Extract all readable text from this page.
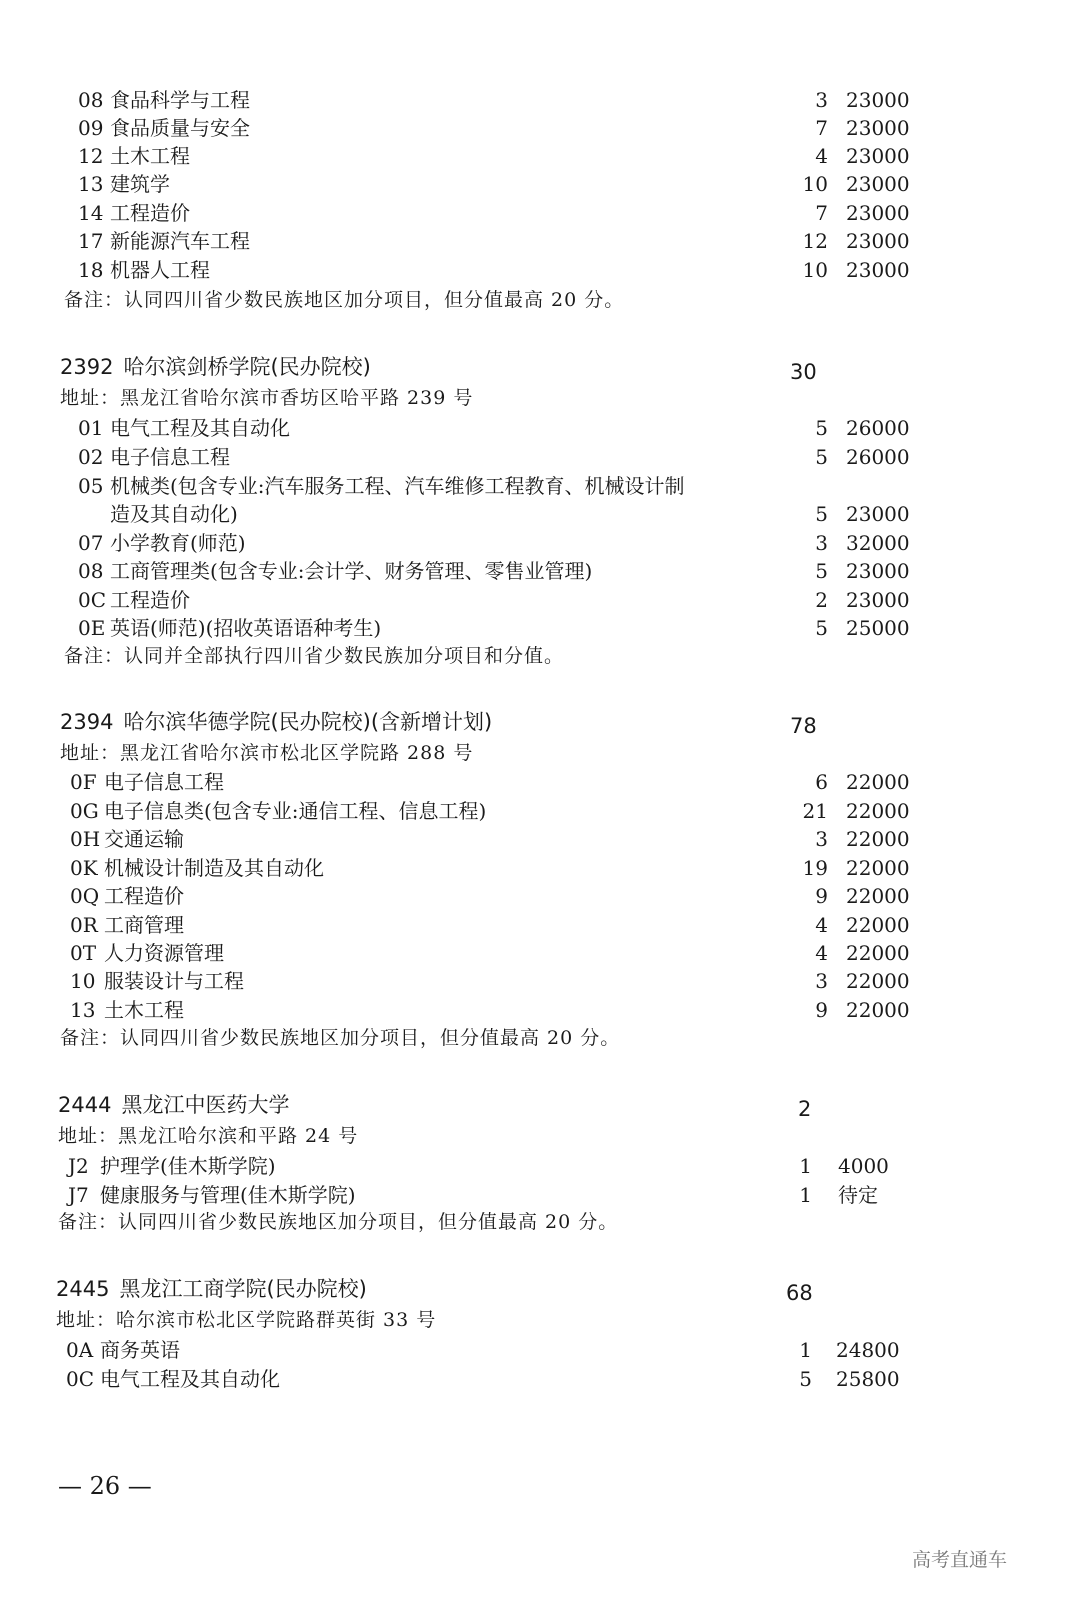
08 食品科学与工程	3 23000
09 食品质量与安全	7 23000
12 土木工程	4 23000
13 建筑学	10 23000
14 工程造价	7 23000
17 新能源汽车工程	12 23000
18 机器人工程	10 23000
备注：认同四川省少数民族地区加分项目，但分值最高 20 分。
2392 哈尔滨剑桥学院(民办院校)	30
地址：黑龙江省哈尔滨市香坊区哈平路 239 号
01 电气工程及其自动化	5 26000
02 电子信息工程	5 26000
05 机械类(包含专业:汽车服务工程、汽车维修工程教育、机械设计制
造及其自动化)	5 23000
07 小学教育(师范)	3 32000
08 工商管理类(包含专业:会计学、财务管理、零售业管理)	5 23000
0C 工程造价	2 23000
0E 英语(师范)(招收英语语种考生)	5 25000
备注：认同并全部执行四川省少数民族加分项目和分值。
2394 哈尔滨华德学院(民办院校)(含新增计划)	78
地址：黑龙江省哈尔滨市松北区学院路 288 号
0F 电子信息工程	6 22000
0G 电子信息类(包含专业:通信工程、信息工程)	21 22000
0H 交通运输	3 22000
0K 机械设计制造及其自动化	19 22000
0Q 工程造价	9 22000
0R 工商管理	4 22000
0T 人力资源管理	4 22000
10 服装设计与工程	3 22000
13 土木工程	9 22000
备注：认同四川省少数民族地区加分项目，但分值最高 20 分。
2444 黑龙江中医药大学	2
地址：黑龙江哈尔滨和平路 24 号
J2 护理学(佳木斯学院)	1 4000
J7 健康服务与管理(佳木斯学院)	1 待定
备注：认同四川省少数民族地区加分项目，但分值最高 20 分。
2445 黑龙江工商学院(民办院校)	68
地址：哈尔滨市松北区学院路群英街 33 号
0A 商务英语	1 24800
0C 电气工程及其自动化	5 25800
— 26 —
高考直通车
